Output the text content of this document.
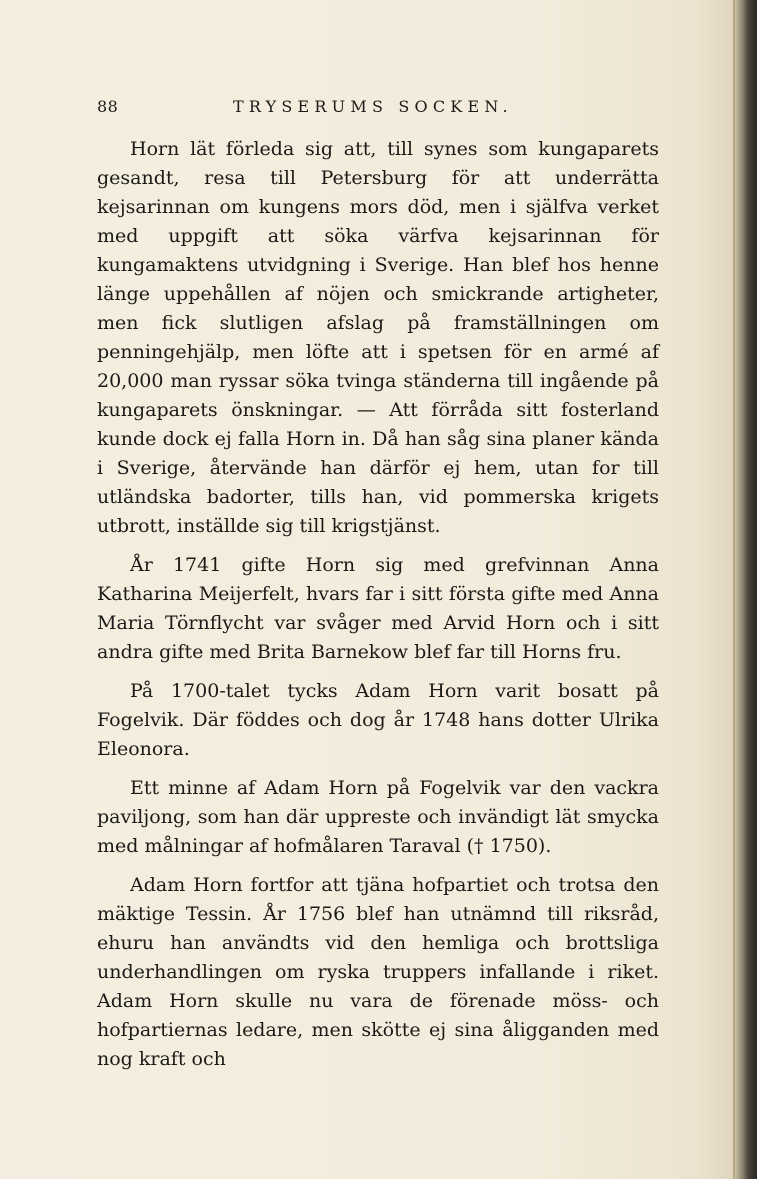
88	TRYSERUMS SOCKEN.

Horn lät förleda sig att, till synes som kungaparets gesandt, resa till Petersburg för att underrätta kejsarinnan om kungens mors död, men i själfva verket med uppgift att söka värfva kejsarinnan för kungamaktens utvidgning i Sverige. Han blef hos henne länge uppehållen af nöjen och smickrande artigheter, men fick slutligen afslag på framställningen om penningehjälp, men löfte att i spetsen för en armé af 20,000 man ryssar söka tvinga ständerna till ingående på kungaparets önskningar. — Att förråda sitt fosterland kunde dock ej falla Horn in. Då han såg sina planer kända i Sverige, återvände han därför ej hem, utan for till utländska badorter, tills han, vid pommerska krigets utbrott, inställde sig till krigstjänst.

År 1741 gifte Horn sig med grefvinnan Anna Katharina Meijerfelt, hvars far i sitt första gifte med Anna Maria Törnflycht var svåger med Arvid Horn och i sitt andra gifte med Brita Barnekow blef far till Horns fru.

På 1700-talet tycks Adam Horn varit bosatt på Fogelvik. Där föddes och dog år 1748 hans dotter Ulrika Eleonora.

Ett minne af Adam Horn på Fogelvik var den vackra paviljong, som han där uppreste och invändigt lät smycka med målningar af hofmålaren Taraval († 1750).

Adam Horn fortfor att tjäna hofpartiet och trotsa den mäktige Tessin. År 1756 blef han utnämnd till riksråd, ehuru han användts vid den hemliga och brottsliga underhandlingen om ryska truppers infallande i riket. Adam Horn skulle nu vara de förenade möss- och hofpartiernas ledare, men skötte ej sina åligganden med nog kraft och
